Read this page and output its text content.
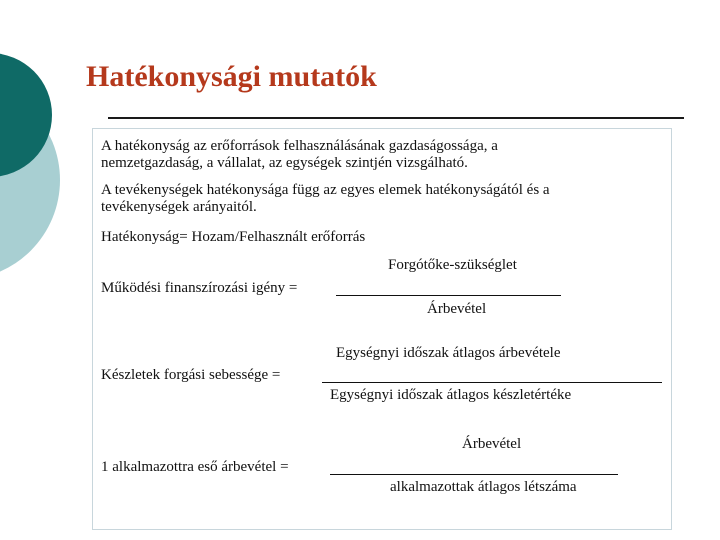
Hatékonysági mutatók
A hatékonyság az erőforrások felhasználásának gazdaságossága, a
nemzetgazdaság, a vállalat, az egységek szintjén vizsgálható.
A tevékenységek hatékonysága függ az egyes elemek hatékonyságától és a
tevékenységek arányaitól.
Hatékonyság= Hozam/Felhasznált erőforrás
Forgótőke-szükséglet
Működési finanszírozási igény =
Árbevétel
Egységnyi időszak átlagos árbevétele
Készletek forgási sebessége =
Egységnyi időszak átlagos készletértéke
Árbevétel
1 alkalmazottra eső árbevétel =
alkalmazottak átlagos létszáma
